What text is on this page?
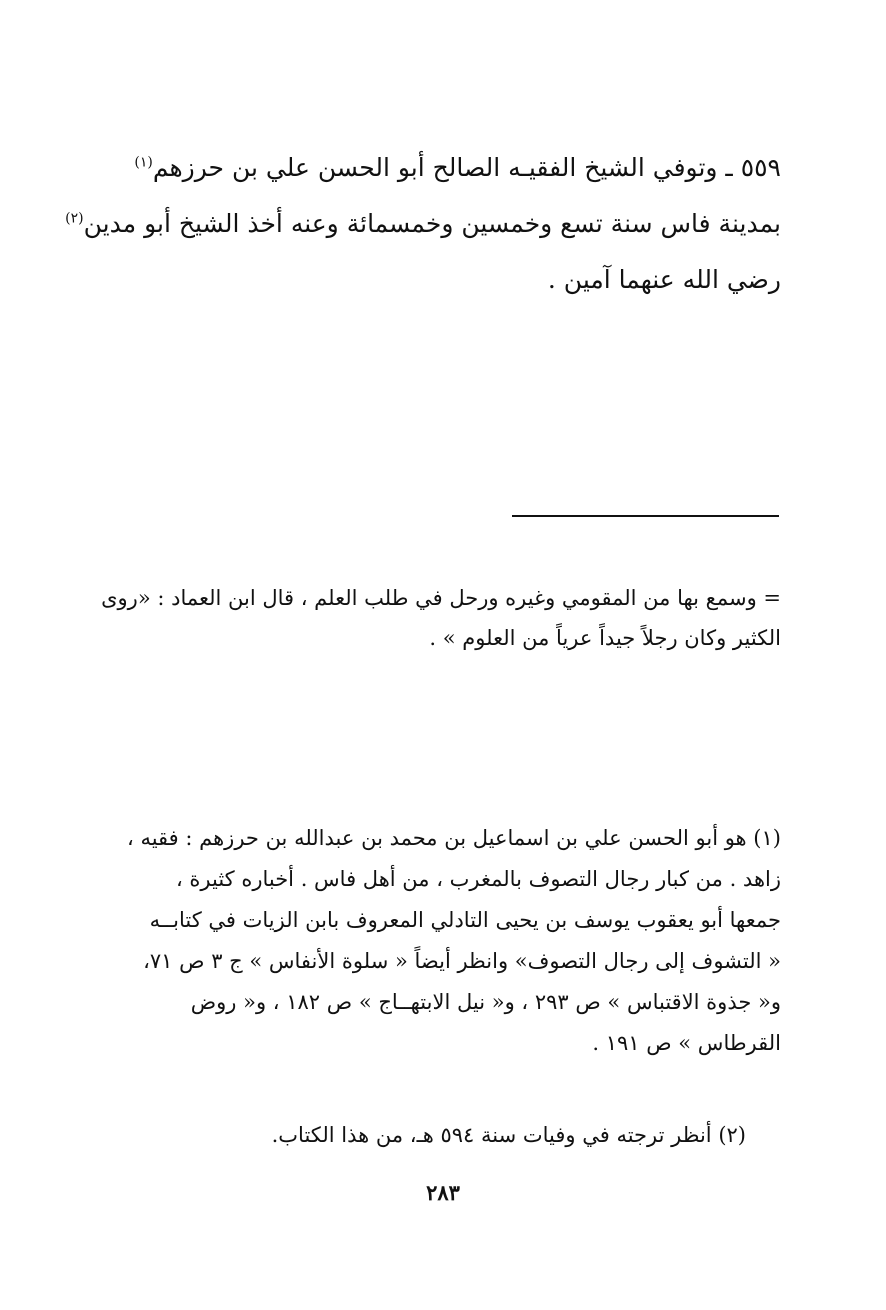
٥٥٩ ـ وتوفي الشيخ الفقيـه الصالح أبو الحسن علي بن حرزهم$^{(١)}$
بمدينة فاس سنة تسع وخمسين وخمسمائة وعنه أخذ الشيخ أبو مدين$^{(٢)}$
رضي الله عنهما آمين .
= وسمع بها من المقومي وغيره ورحل في طلب العلم ، قال ابن العماد : «روى
الكثير وكان رجلاً جيداً عرياً من العلوم » .
(١) هو أبو الحسن علي بن اسماعيل بن محمد بن عبدالله بن حرزهم : فقيه ،
زاهد . من كبار رجال التصوف بالمغرب ، من أهل فاس . أخباره كثيرة ،
جمعها أبو يعقوب يوسف بن يحيى التادلي المعروف بابن الزيات في كتابــه
« التشوف إلى رجال التصوف» وانظر أيضاً « سلوة الأنفاس » ج ٣ ص ٧١،
و« جذوة الاقتباس » ص ٢٩٣ ، و« نيل الابتهــاج » ص ١٨٢ ، و« روض
القرطاس » ص ١٩١ .
(٢) أنظر ترجته في وفيات سنة ٥٩٤ هـ، من هذا الكتاب.
٢٨٣
